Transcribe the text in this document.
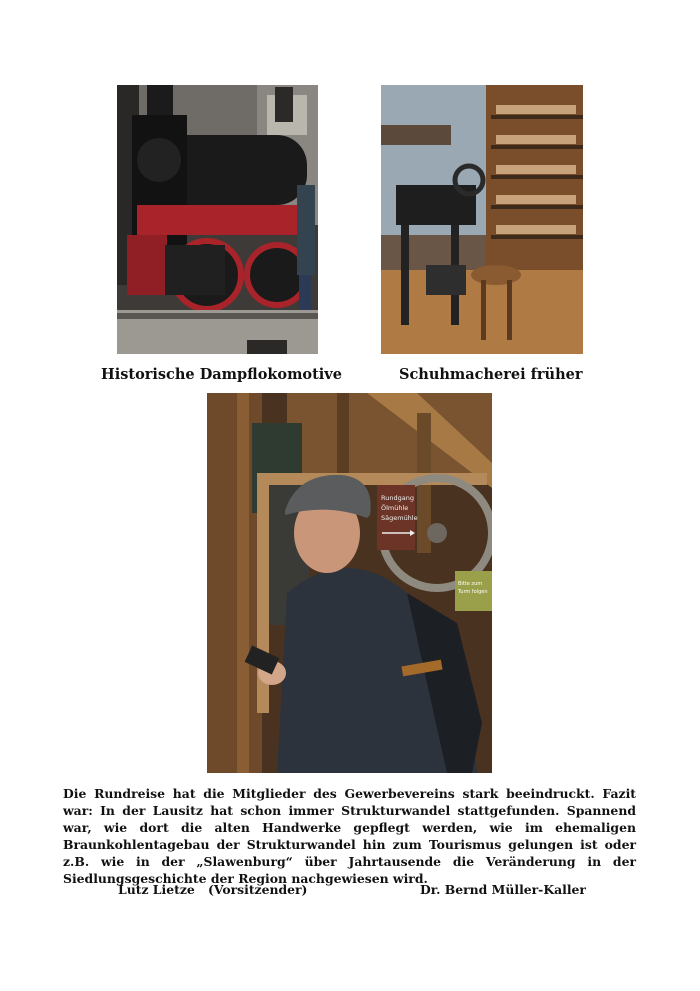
Historische Dampflokomotive	Schuhmacherei früher
Rundgang
Ölmühle
Sägemühle
Bitte zum
Turm folgen

Die Rundreise hat die Mitglieder des Gewerbevereins stark beeindruckt. Fazit war: In der Lausitz hat schon immer Strukturwandel stattgefunden. Spannend war, wie dort die alten Handwerke gepflegt werden, wie im ehemaligen Braunkohlentagebau der Strukturwandel hin zum Tourismus gelungen ist oder z.B. wie in der „Slawenburg“ über Jahrtausende die Veränderung in der Siedlungsgeschichte der Region nachgewiesen wird.

Lutz Lietze (Vorsitzender)	Dr. Bernd Müller-Kaller
